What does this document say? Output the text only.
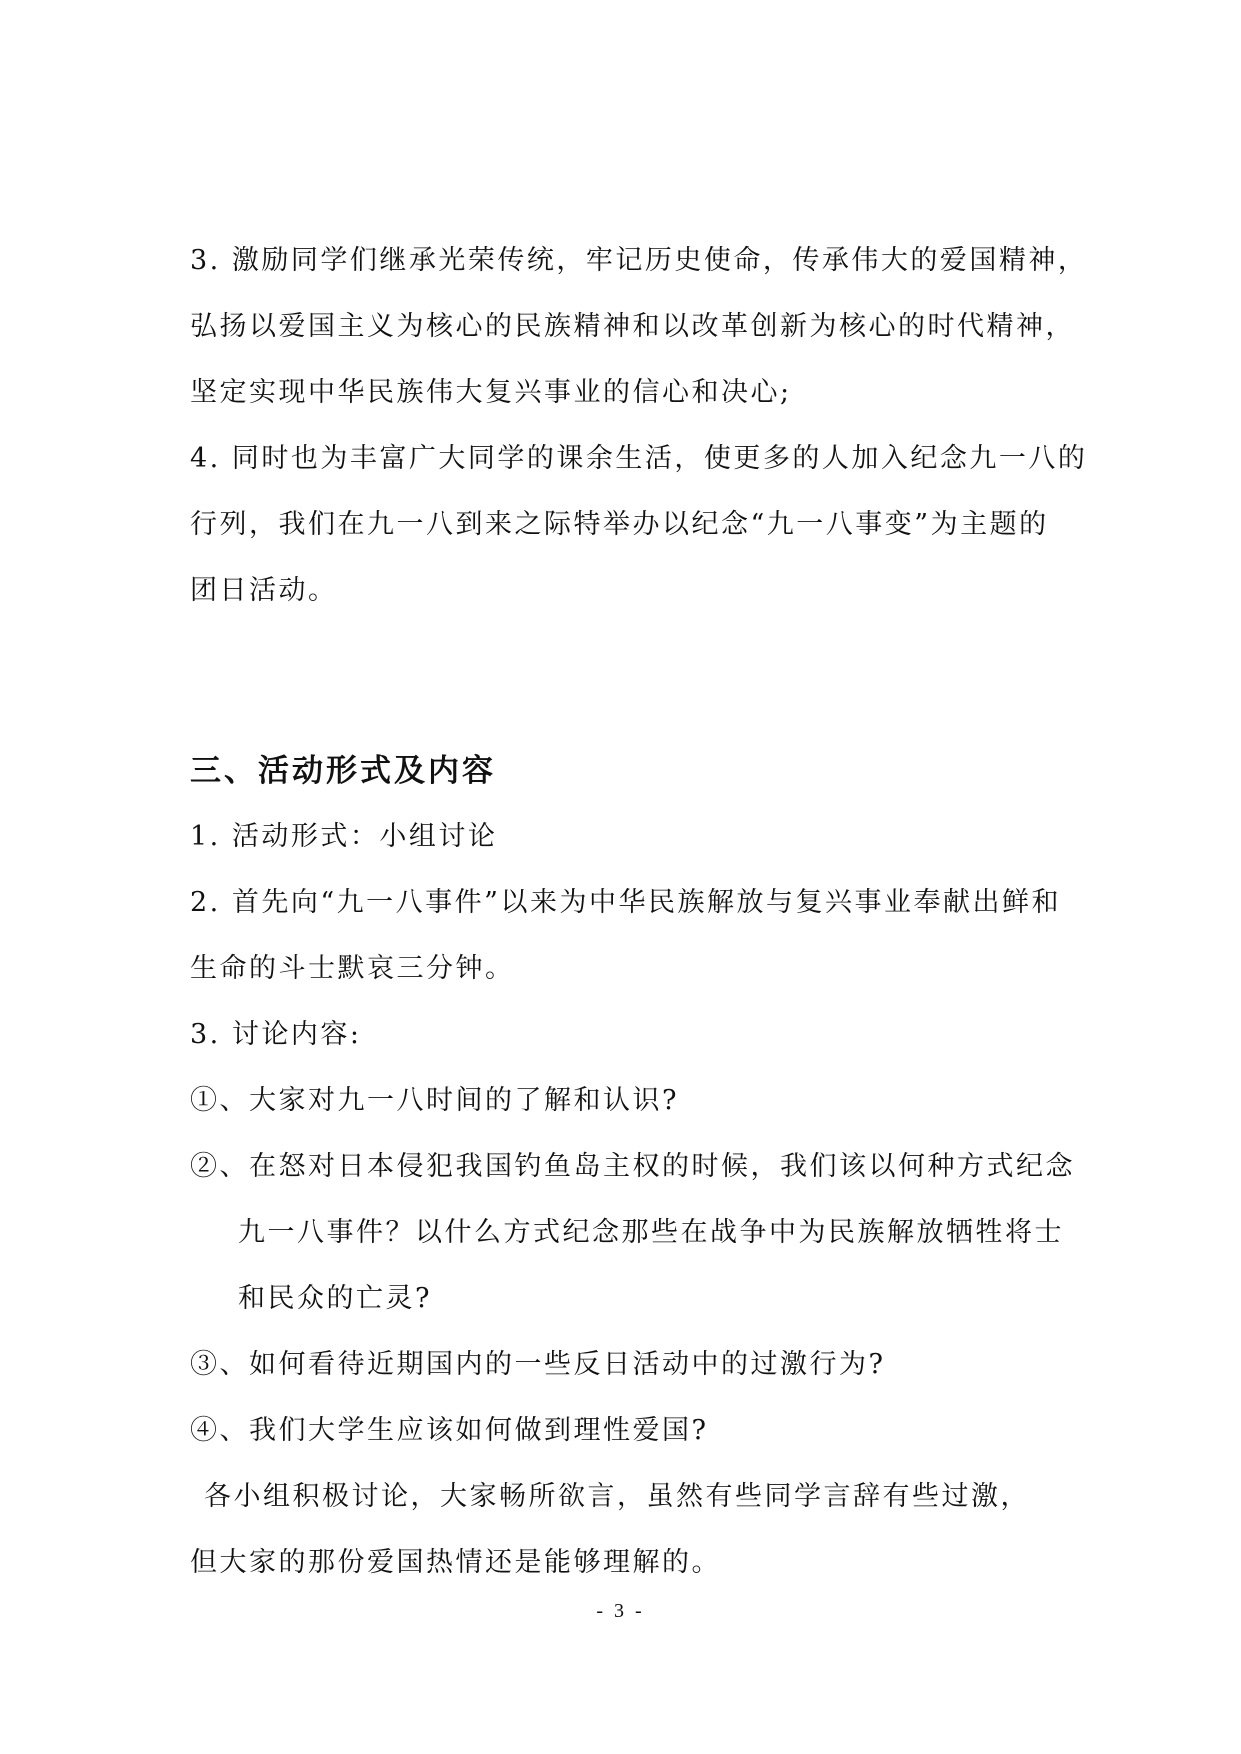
3. 激励同学们继承光荣传统，牢记历史使命，传承伟大的爱国精神，

弘扬以爱国主义为核心的民族精神和以改革创新为核心的时代精神，

坚定实现中华民族伟大复兴事业的信心和决心;

4. 同时也为丰富广大同学的课余生活，使更多的人加入纪念九一八的

行列，我们在九一八到来之际特举办以纪念“九一八事变”为主题的

团日活动。

三、活动形式及内容

1. 活动形式：小组讨论

2. 首先向“九一八事件”以来为中华民族解放与复兴事业奉献出鲜和

生命的斗士默哀三分钟。

3. 讨论内容:

①、大家对九一八时间的了解和认识?

②、在怒对日本侵犯我国钓鱼岛主权的时候，我们该以何种方式纪念

九一八事件？以什么方式纪念那些在战争中为民族解放牺牲将士

和民众的亡灵?

③、如何看待近期国内的一些反日活动中的过激行为?

④、我们大学生应该如何做到理性爱国?

各小组积极讨论，大家畅所欲言，虽然有些同学言辞有些过激，

但大家的那份爱国热情还是能够理解的。

- 3 -
